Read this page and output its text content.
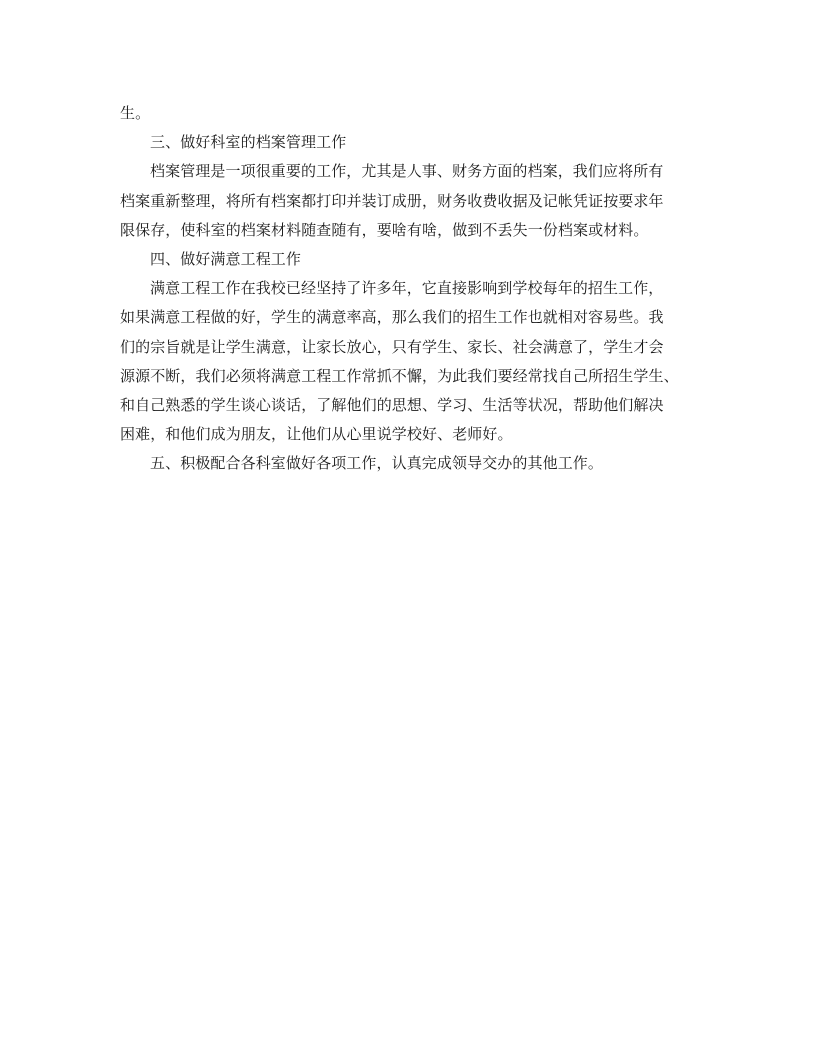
生。
三、做好科室的档案管理工作
档案管理是一项很重要的工作，尤其是人事、财务方面的档案，我们应将所有
档案重新整理，将所有档案都打印并装订成册，财务收费收据及记帐凭证按要求年
限保存，使科室的档案材料随查随有，要啥有啥，做到不丢失一份档案或材料。
四、做好满意工程工作
满意工程工作在我校已经坚持了许多年，它直接影响到学校每年的招生工作，
如果满意工程做的好，学生的满意率高，那么我们的招生工作也就相对容易些。我
们的宗旨就是让学生满意，让家长放心，只有学生、家长、社会满意了，学生才会
源源不断，我们必须将满意工程工作常抓不懈，为此我们要经常找自己所招生学生、
和自己熟悉的学生谈心谈话，了解他们的思想、学习、生活等状况，帮助他们解决
困难，和他们成为朋友，让他们从心里说学校好、老师好。
五、积极配合各科室做好各项工作，认真完成领导交办的其他工作。
